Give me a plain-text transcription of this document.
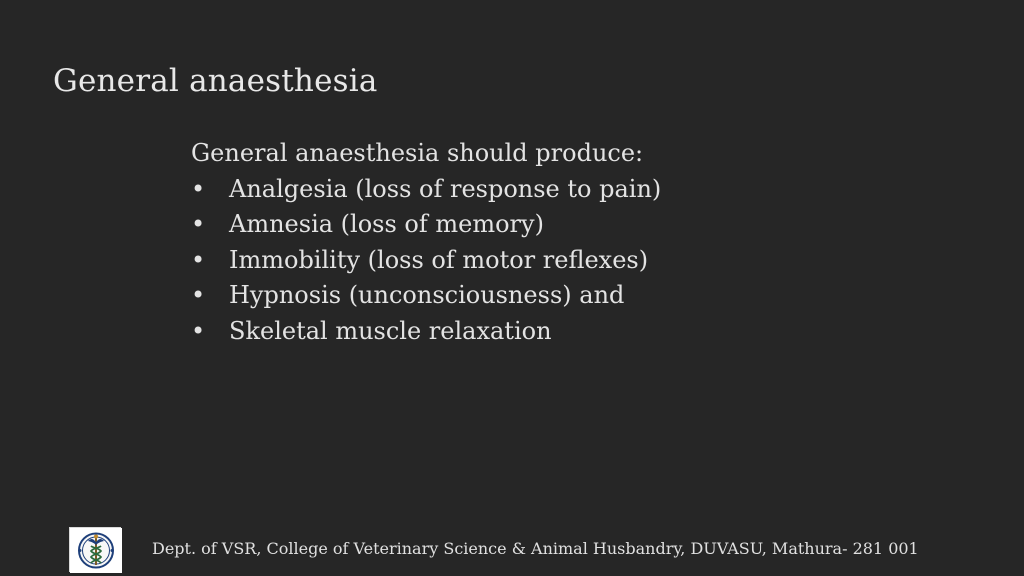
General anaesthesia
General anaesthesia should produce:
• Analgesia (loss of response to pain)
• Amnesia (loss of memory)
• Immobility (loss of motor reflexes)
• Hypnosis (unconsciousness) and
• Skeletal muscle relaxation
Dept. of VSR, College of Veterinary Science & Animal Husbandry, DUVASU, Mathura- 281 001
